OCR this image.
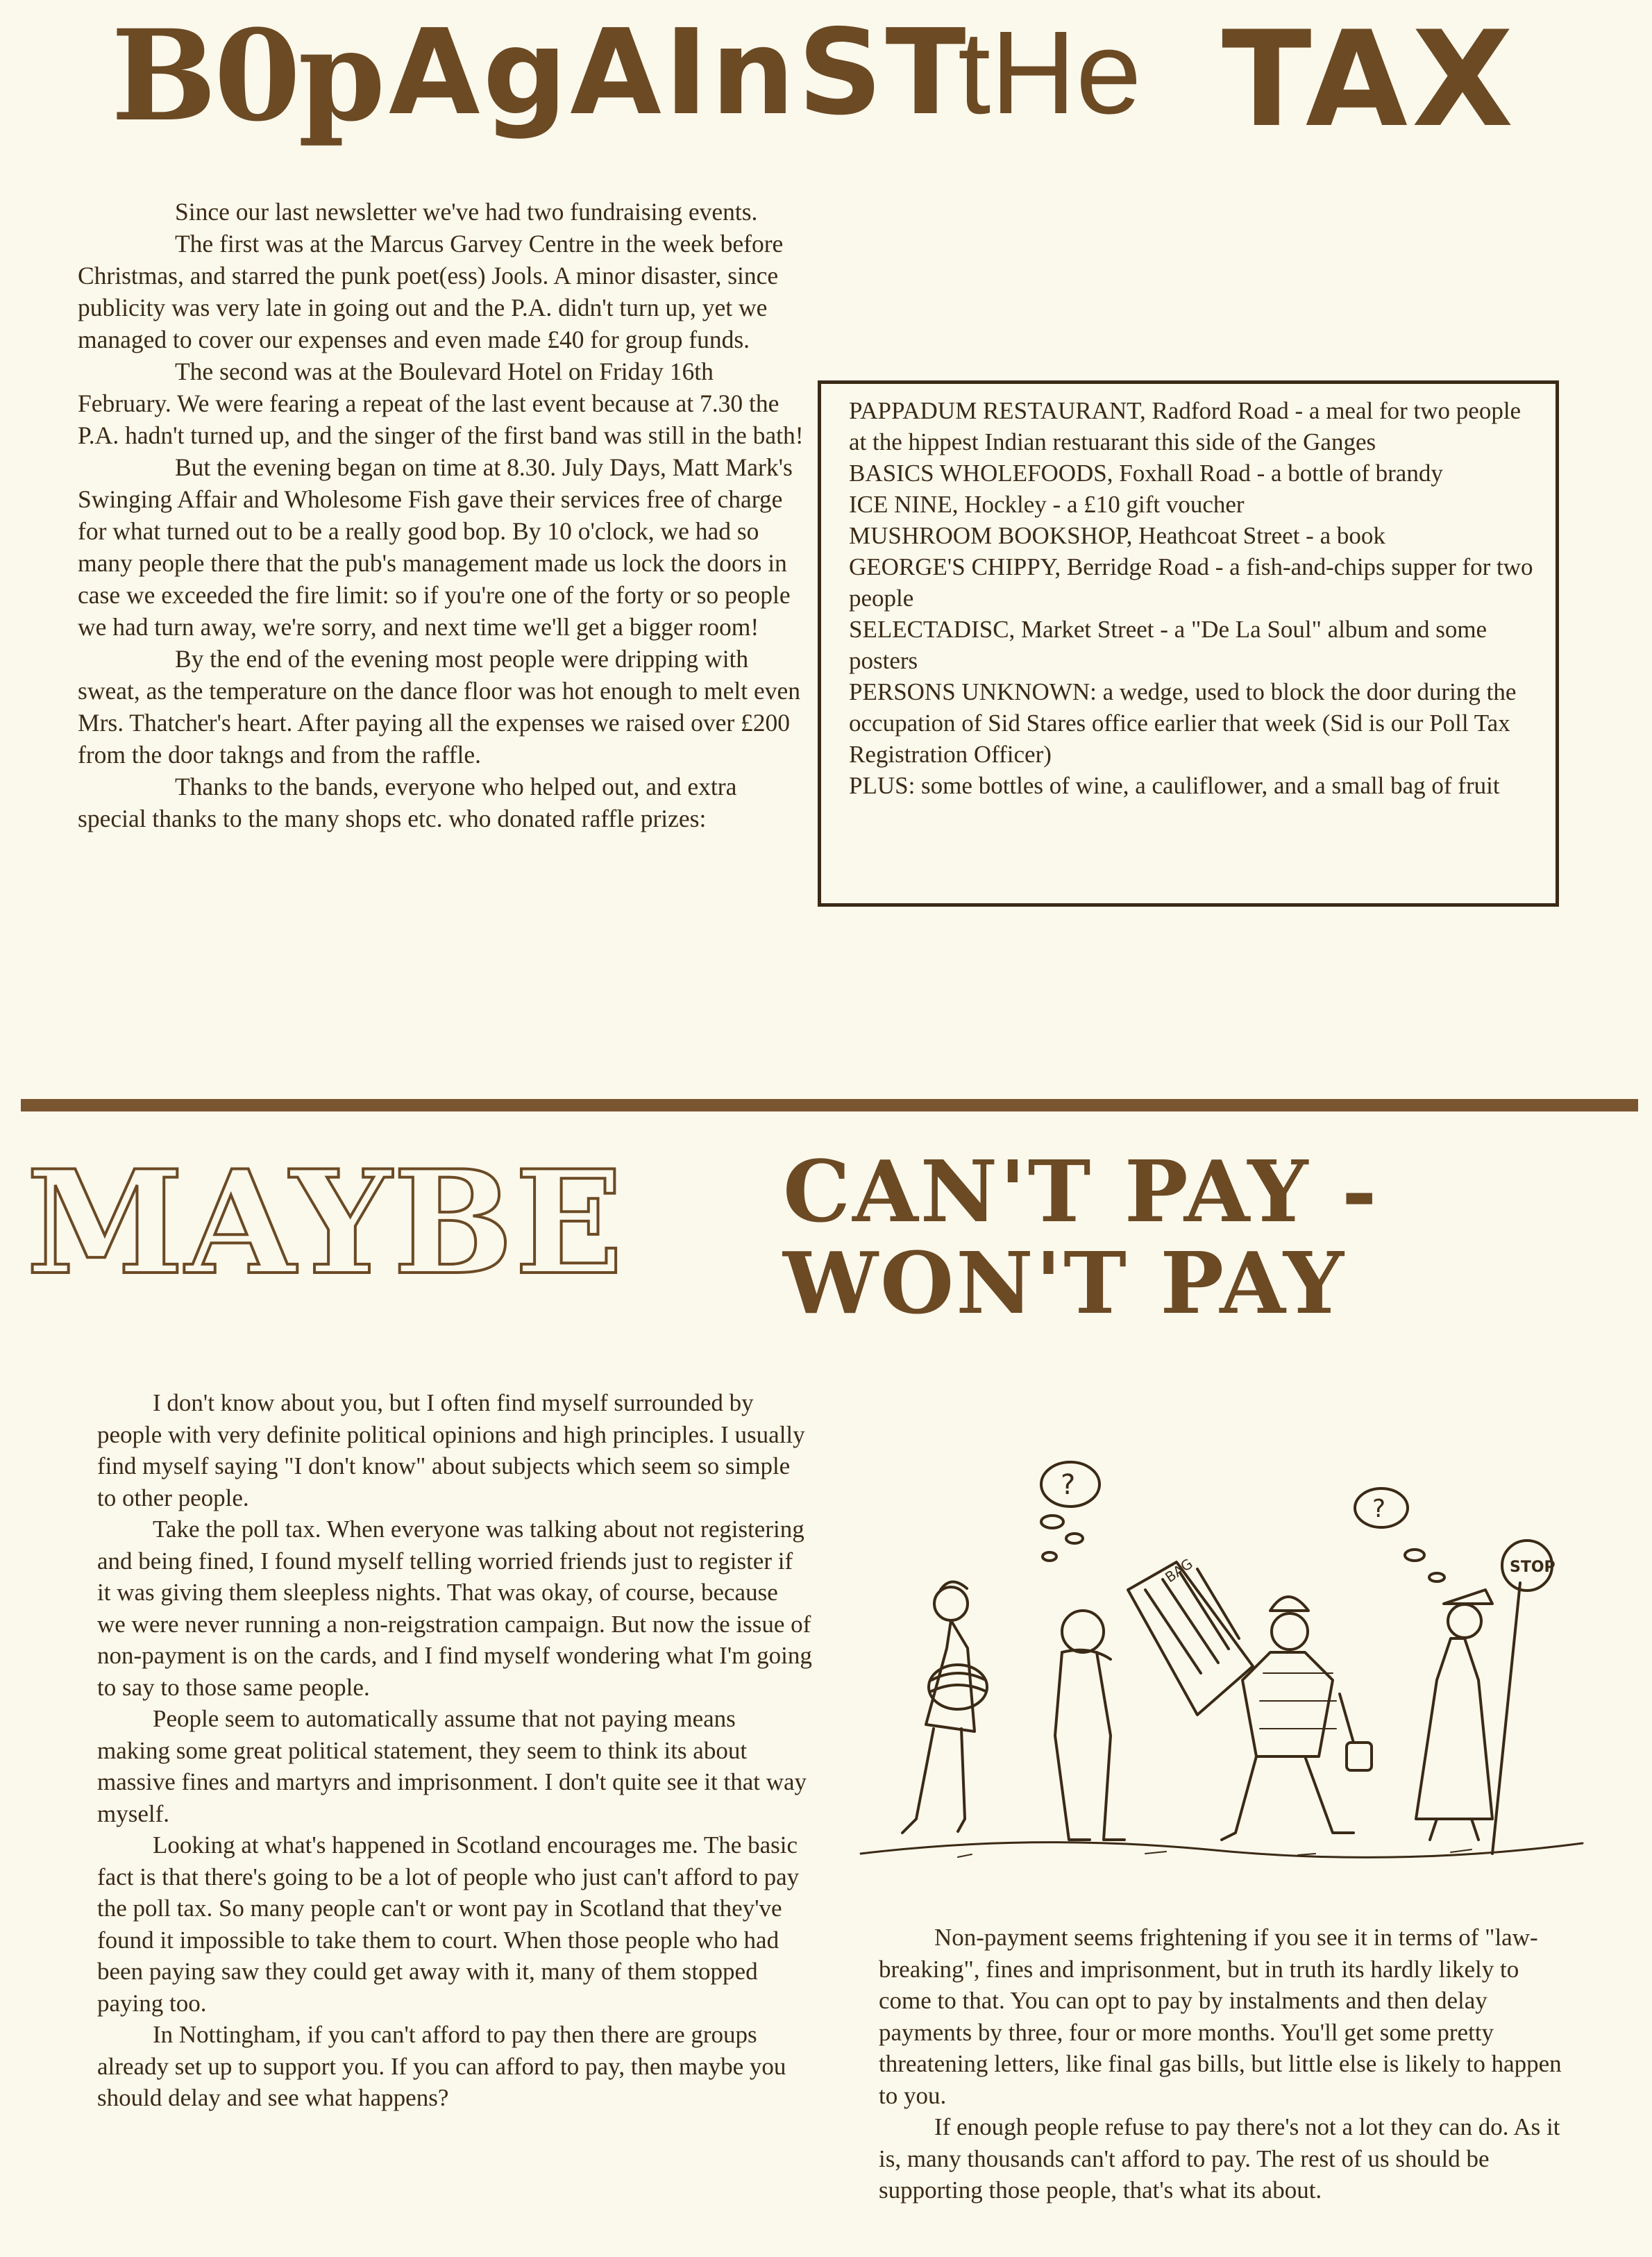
B0p AgAInST
tHe TAX

Since our last newsletter we've had two fundraising events.

The first was at the Marcus Garvey Centre in the week before Christmas, and starred the punk poet(ess) Jools. A minor disaster, since publicity was very late in going out and the P.A. didn't turn up, yet we managed to cover our expenses and even made £40 for group funds.

The second was at the Boulevard Hotel on Friday 16th February. We were fearing a repeat of the last event because at 7.30 the P.A. hadn't turned up, and the singer of the first band was still in the bath!

But the evening began on time at 8.30. July Days, Matt Mark's Swinging Affair and Wholesome Fish gave their services free of charge for what turned out to be a really good bop. By 10 o'clock, we had so many people there that the pub's management made us lock the doors in case we exceeded the fire limit: so if you're one of the forty or so people we had turn away, we're sorry, and next time we'll get a bigger room!

By the end of the evening most people were dripping with sweat, as the temperature on the dance floor was hot enough to melt even Mrs. Thatcher's heart. After paying all the expenses we raised over £200 from the door takngs and from the raffle.

Thanks to the bands, everyone who helped out, and extra special thanks to the many shops etc. who donated raffle prizes:

PAPPADUM RESTAURANT, Radford Road - a meal for two people at the hippest Indian restuarant this side of the Ganges

BASICS WHOLEFOODS, Foxhall Road - a bottle of brandy

ICE NINE, Hockley - a £10 gift voucher

MUSHROOM BOOKSHOP, Heathcoat Street - a book

GEORGE'S CHIPPY, Berridge Road - a fish-and-chips supper for two people

SELECTADISC, Market Street - a "De La Soul" album and some posters

PERSONS UNKNOWN: a wedge, used to block the door during the occupation of Sid Stares office earlier that week (Sid is our Poll Tax Registration Officer)

PLUS: some bottles of wine, a cauliflower, and a small bag of fruit

MAYBE CAN'T PAY -
WON'T PAY

I don't know about you, but I often find myself surrounded by people with very definite political opinions and high principles. I usually find myself saying "I don't know" about subjects which seem so simple to other people.

Take the poll tax. When everyone was talking about not registering and being fined, I found myself telling worried friends just to register if it was giving them sleepless nights. That was okay, of course, because we were never running a non-reigstration campaign. But now the issue of non-payment is on the cards, and I find myself wondering what I'm going to say to those same people.

People seem to automatically assume that not paying means making some great political statement, they seem to think its about massive fines and martyrs and imprisonment. I don't quite see it that way myself.

Looking at what's happened in Scotland encourages me. The basic fact is that there's going to be a lot of people who just can't afford to pay the poll tax. So many people can't or wont pay in Scotland that they've found it impossible to take them to court. When those people who had been paying saw they could get away with it, many of them stopped paying too.

In Nottingham, if you can't afford to pay then there are groups already set up to support you. If you can afford to pay, then maybe you should delay and see what happens?

?
?
BAG	STOP

Non-payment seems frightening if you see it in terms of "law-breaking", fines and imprisonment, but in truth its hardly likely to come to that. You can opt to pay by instalments and then delay payments by three, four or more months. You'll get some pretty threatening letters, like final gas bills, but little else is likely to happen to you.

If enough people refuse to pay there's not a lot they can do. As it is, many thousands can't afford to pay. The rest of us should be supporting those people, that's what its about.
